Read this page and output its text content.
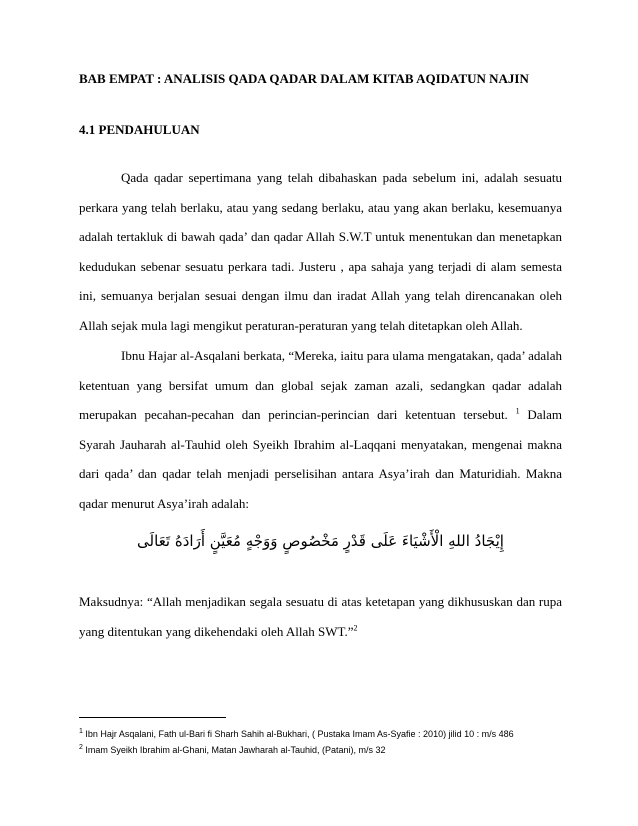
BAB EMPAT : ANALISIS QADA QADAR DALAM KITAB AQIDATUN NAJIN
4.1 PENDAHULUAN

Qada qadar sepertimana yang telah dibahaskan pada sebelum ini, adalah sesuatu perkara yang telah berlaku, atau yang sedang berlaku, atau yang akan berlaku, kesemuanya adalah tertakluk di bawah qada’ dan qadar Allah S.W.T untuk menentukan dan menetapkan kedudukan sebenar sesuatu perkara tadi. Justeru , apa sahaja yang terjadi di alam semesta ini, semuanya berjalan sesuai dengan ilmu dan iradat Allah yang telah direncanakan oleh Allah sejak mula lagi mengikut peraturan-peraturan yang telah ditetapkan oleh Allah.

Ibnu Hajar al-Asqalani berkata, “Mereka, iaitu para ulama mengatakan, qada’ adalah ketentuan yang bersifat umum dan global sejak zaman azali, sedangkan qadar adalah merupakan pecahan-pecahan dan perincian-perincian dari ketentuan tersebut. $^1$ Dalam Syarah Jauharah al-Tauhid oleh Syeikh Ibrahim al-Laqqani menyatakan, mengenai makna dari qada’ dan qadar telah menjadi perselisihan antara Asya’irah dan Maturidiah. Makna qadar menurut Asya’irah adalah:

إِيْجَادُ اللهِ الْأَشْيَاءَ عَلَى قَدْرٍ مَخْصُوصٍ وَوَجْهٍ مُعَيَّنٍ أَرَادَهُ تَعَالَى

Maksudnya: “Allah menjadikan segala sesuatu di atas ketetapan yang dikhususkan dan rupa yang ditentukan yang dikehendaki oleh Allah SWT.”$^2$

$^1$ Ibn Hajr Asqalani, Fath ul-Bari fi Sharh Sahih al-Bukhari, ( Pustaka Imam As-Syafie : 2010) jilid 10 : m/s 486
$^2$ Imam Syeikh Ibrahim al-Ghani, Matan Jawharah al-Tauhid, (Patani), m/s 32
